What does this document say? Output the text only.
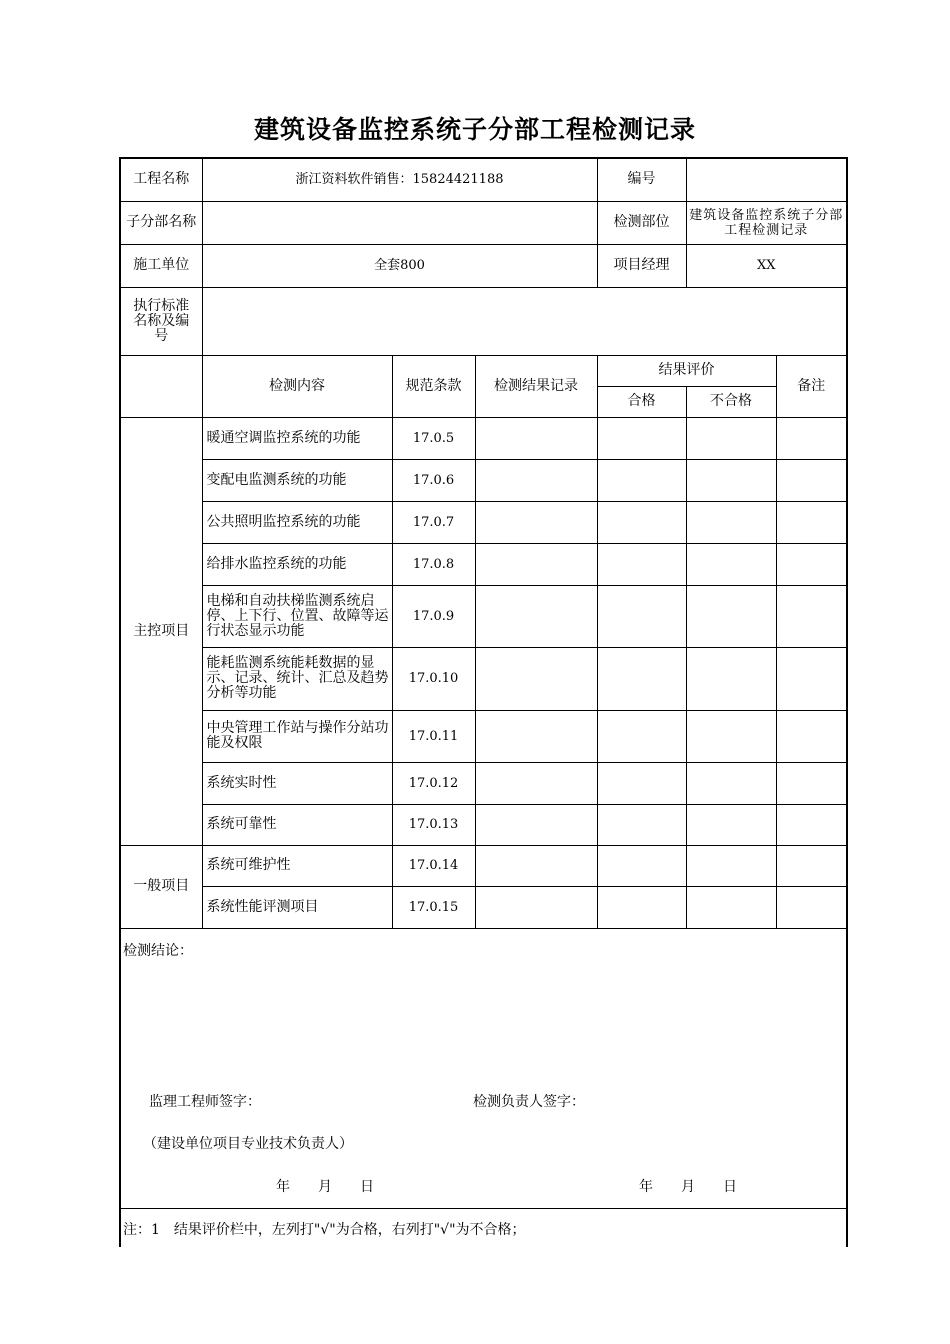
建筑设备监控系统子分部工程检测记录
工程名称	浙江资料软件销售：15824421188			编号		
子分部名称				检测部位	建筑设备监控系统子分部工程检测记录	
施工单位	全套800			项目经理	XX	
执行标准名称及编号						
	检测内容	规范条款	检测结果记录	结果评价		备注
				合格	不合格	
主控项目	暖通空调监控系统的功能	17.0.5				
	变配电监测系统的功能	17.0.6				
	公共照明监控系统的功能	17.0.7				
	给排水监控系统的功能	17.0.8				
	电梯和自动扶梯监测系统启停、上下行、位置、故障等运行状态显示功能	17.0.9				
	能耗监测系统能耗数据的显示、记录、统计、汇总及趋势分析等功能	17.0.10				
	中央管理工作站与操作分站功能及权限	17.0.11				
	系统实时性	17.0.12				
	系统可靠性	17.0.13				
一般项目	系统可维护性	17.0.14				
	系统性能评测项目	17.0.15				
检测结论：
监理工程师签字：	检测负责人签字：
（建设单位项目专业技术负责人）
年　　月　　日	年　　月　　日
注：1　结果评价栏中，左列打"√"为合格，右列打"√"为不合格；
